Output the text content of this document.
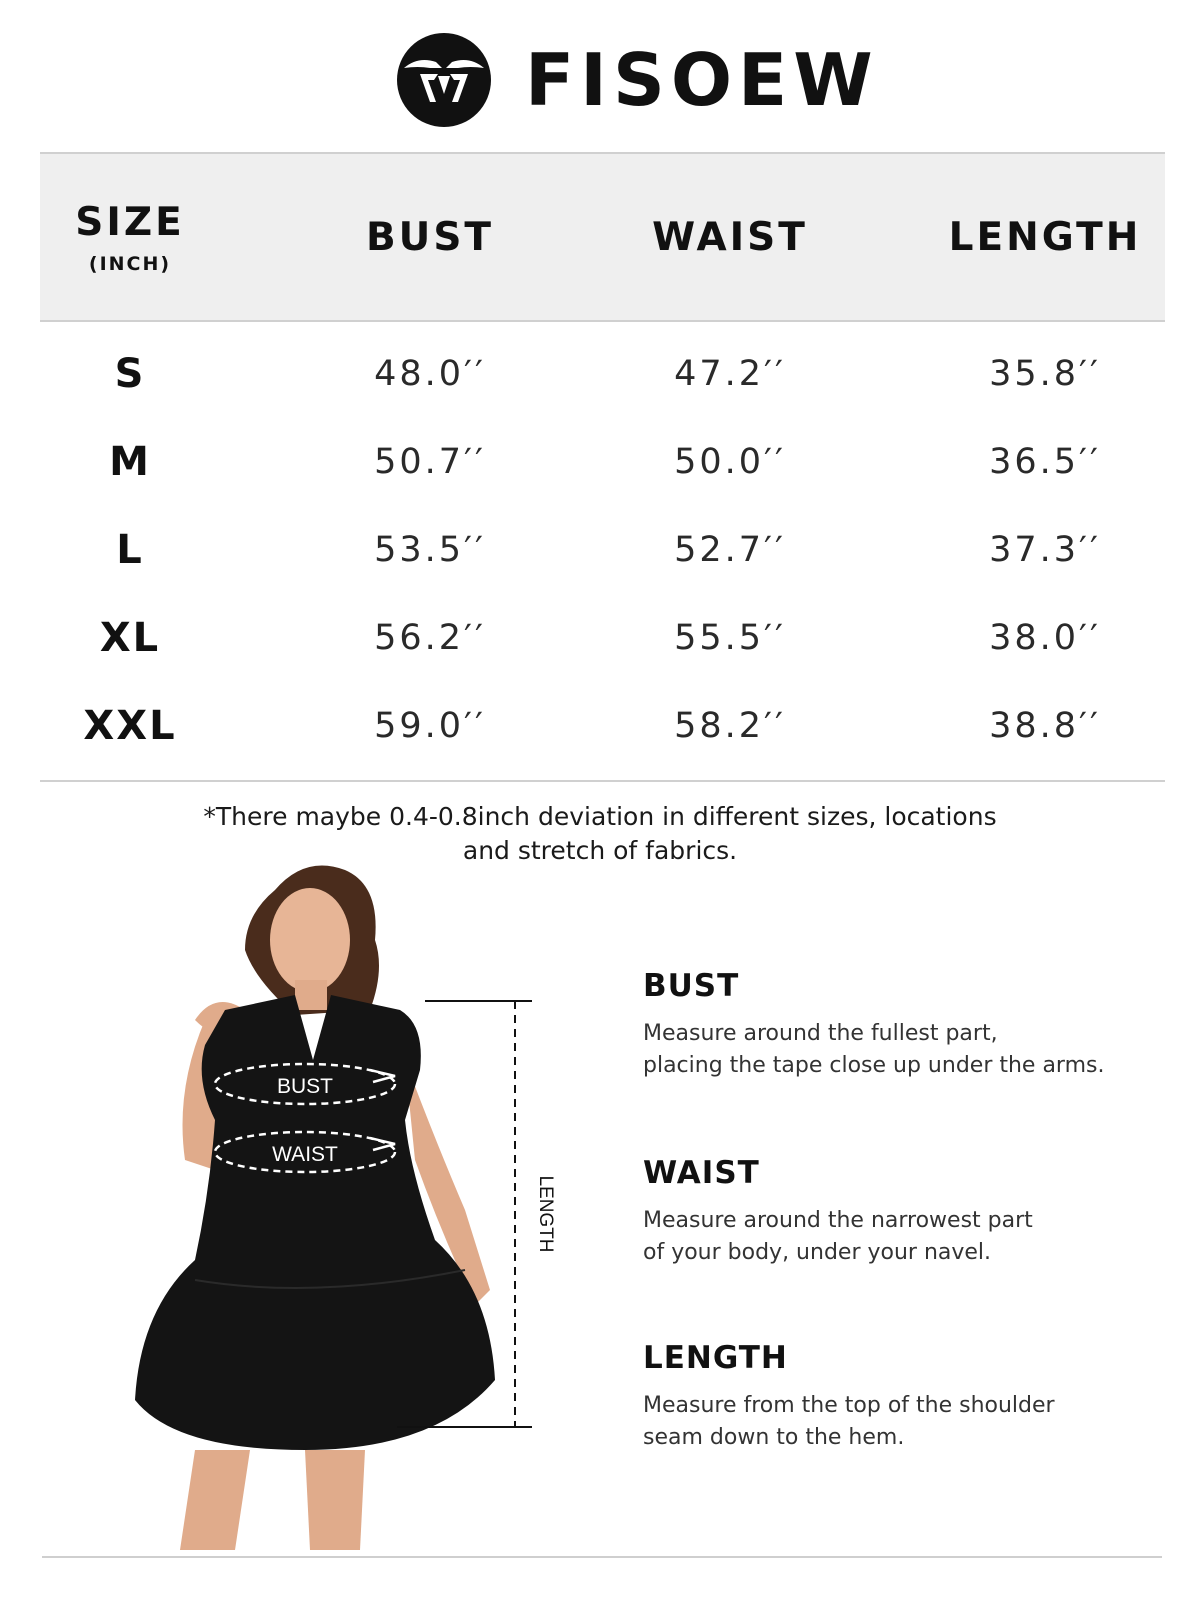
FISOEW
SIZE
(INCH)
BUST	WAIST	LENGTH
S	48.0′′	47.2′′	35.8′′
M	50.7′′	50.0′′	36.5′′
L	53.5′′	52.7′′	37.3′′
XL	56.2′′	55.5′′	38.0′′
XXL	59.0′′	58.2′′	38.8′′
*There maybe 0.4-0.8inch deviation in different sizes, locations
and stretch of fabrics.
BUST
WAIST
LENGTH
BUST

Measure around the fullest part,

placing the tape close up under the arms.

WAIST

Measure around the narrowest part

of your body, under your navel.

LENGTH

Measure from the top of the shoulder

seam down to the hem.
